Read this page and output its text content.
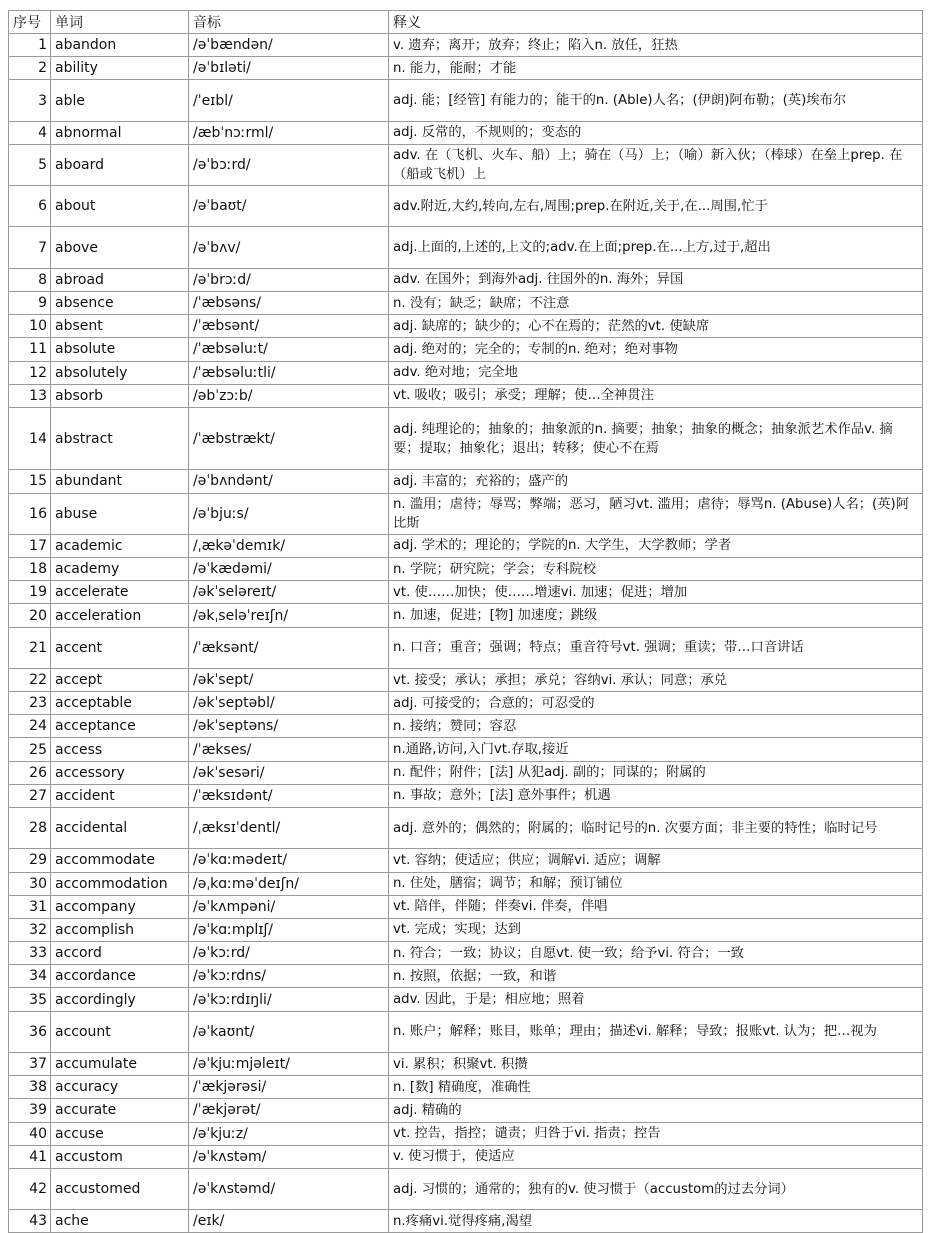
序号	单词	音标	释义
1	abandon	/əˈbændən/	v. 遗弃；离开；放弃；终止；陷入n. 放任，狂热
2	ability	/əˈbɪləti/	n. 能力，能耐；才能
3	able	/ˈeɪbl/	adj. 能；[经管] 有能力的；能干的n. (Able)人名；(伊朗)阿布勒；(英)埃布尔
4	abnormal	/æbˈnɔːrml/	adj. 反常的，不规则的；变态的
5	aboard	/əˈbɔːrd/	adv. 在（飞机、火车、船）上；骑在（马）上；（喻）新入伙；（棒球）在垒上prep. 在（船或飞机）上
6	about	/əˈbaʊt/	adv.附近,大约,转向,左右,周围;prep.在附近,关于,在...周围,忙于
7	above	/əˈbʌv/	adj.上面的,上述的,上文的;adv.在上面;prep.在...上方,过于,超出
8	abroad	/əˈbrɔːd/	adv. 在国外；到海外adj. 往国外的n. 海外；异国
9	absence	/ˈæbsəns/	n. 没有；缺乏；缺席；不注意
10	absent	/ˈæbsənt/	adj. 缺席的；缺少的；心不在焉的；茫然的vt. 使缺席
11	absolute	/ˈæbsəluːt/	adj. 绝对的；完全的；专制的n. 绝对；绝对事物
12	absolutely	/ˈæbsəluːtli/	adv. 绝对地；完全地
13	absorb	/əbˈzɔːb/	vt. 吸收；吸引；承受；理解；使…全神贯注
14	abstract	/ˈæbstrækt/	adj. 纯理论的；抽象的；抽象派的n. 摘要；抽象；抽象的概念；抽象派艺术作品v. 摘要；提取；抽象化；退出；转移；使心不在焉
15	abundant	/əˈbʌndənt/	adj. 丰富的；充裕的；盛产的
16	abuse	/əˈbjuːs/	n. 滥用；虐待；辱骂；弊端；恶习，陋习vt. 滥用；虐待；辱骂n. (Abuse)人名；(英)阿比斯
17	academic	/ˌækəˈdemɪk/	adj. 学术的；理论的；学院的n. 大学生，大学教师；学者
18	academy	/əˈkædəmi/	n. 学院；研究院；学会；专科院校
19	accelerate	/əkˈseləreɪt/	vt. 使……加快；使……增速vi. 加速；促进；增加
20	acceleration	/əkˌseləˈreɪʃn/	n. 加速，促进；[物] 加速度；跳级
21	accent	/ˈæksənt/	n. 口音；重音；强调；特点；重音符号vt. 强调；重读；带…口音讲话
22	accept	/əkˈsept/	vt. 接受；承认；承担；承兑；容纳vi. 承认；同意；承兑
23	acceptable	/əkˈseptəbl/	adj. 可接受的；合意的；可忍受的
24	acceptance	/əkˈseptəns/	n. 接纳；赞同；容忍
25	access	/ˈækses/	n.通路,访问,入门vt.存取,接近
26	accessory	/əkˈsesəri/	n. 配件；附件；[法] 从犯adj. 副的；同谋的；附属的
27	accident	/ˈæksɪdənt/	n. 事故；意外；[法] 意外事件；机遇
28	accidental	/ˌæksɪˈdentl/	adj. 意外的；偶然的；附属的；临时记号的n. 次要方面；非主要的特性；临时记号
29	accommodate	/əˈkɑːmədeɪt/	vt. 容纳；使适应；供应；调解vi. 适应；调解
30	accommodation	/əˌkɑːməˈdeɪʃn/	n. 住处，膳宿；调节；和解；预订铺位
31	accompany	/əˈkʌmpəni/	vt. 陪伴，伴随；伴奏vi. 伴奏，伴唱
32	accomplish	/əˈkɑːmplɪʃ/	vt. 完成；实现；达到
33	accord	/əˈkɔːrd/	n. 符合；一致；协议；自愿vt. 使一致；给予vi. 符合；一致
34	accordance	/əˈkɔːrdns/	n. 按照，依据；一致，和谐
35	accordingly	/əˈkɔːrdɪŋli/	adv. 因此，于是；相应地；照着
36	account	/əˈkaʊnt/	n. 账户；解释；账目，账单；理由；描述vi. 解释；导致；报账vt. 认为；把…视为
37	accumulate	/əˈkjuːmjəleɪt/	vi. 累积；积聚vt. 积攒
38	accuracy	/ˈækjərəsi/	n. [数] 精确度，准确性
39	accurate	/ˈækjərət/	adj. 精确的
40	accuse	/əˈkjuːz/	vt. 控告，指控；谴责；归咎于vi. 指责；控告
41	accustom	/əˈkʌstəm/	v. 使习惯于，使适应
42	accustomed	/əˈkʌstəmd/	adj. 习惯的；通常的；独有的v. 使习惯于（accustom的过去分词）
43	ache	/eɪk/	n.疼痛vi.觉得疼痛,渴望
